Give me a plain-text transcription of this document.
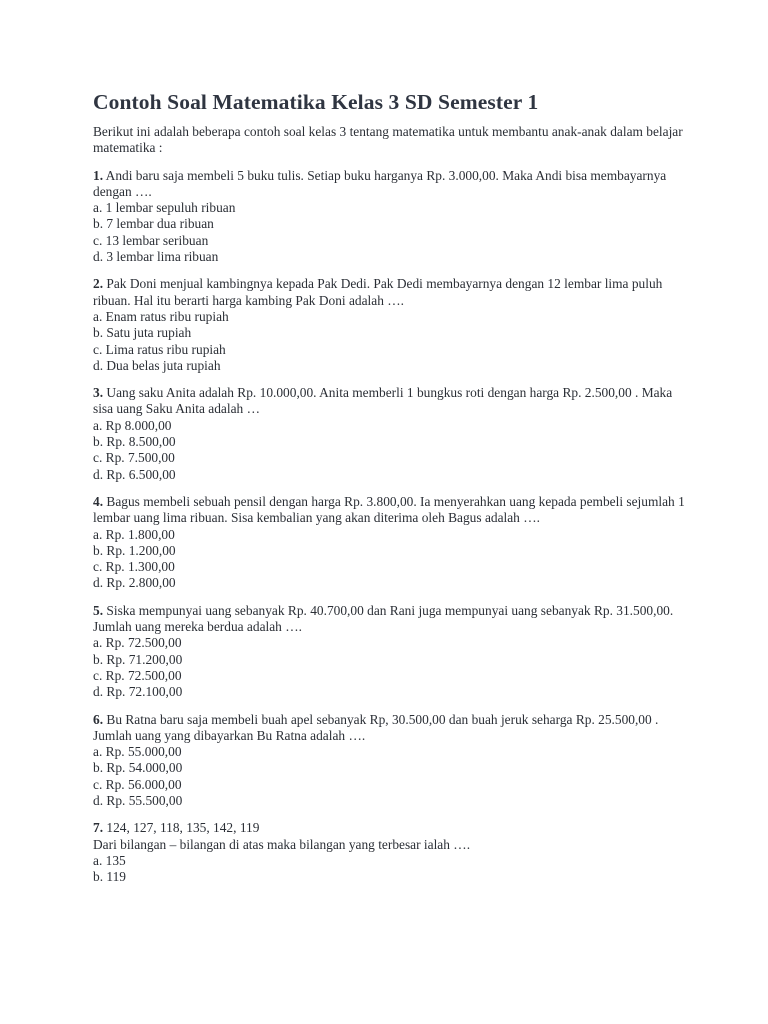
Contoh Soal Matematika Kelas 3 SD Semester 1
Berikut ini adalah beberapa contoh soal kelas 3 tentang matematika untuk membantu anak-anak dalam belajar matematika :
1. Andi baru saja membeli 5 buku tulis. Setiap buku harganya Rp. 3.000,00. Maka Andi bisa membayarnya dengan ….
a. 1 lembar sepuluh ribuan
b. 7 lembar dua ribuan
c. 13 lembar seribuan
d. 3 lembar lima ribuan
2. Pak Doni menjual kambingnya kepada Pak Dedi. Pak Dedi membayarnya dengan 12 lembar lima puluh ribuan. Hal itu berarti harga kambing Pak Doni adalah ….
a. Enam ratus ribu rupiah
b. Satu juta rupiah
c. Lima ratus ribu rupiah
d. Dua belas juta rupiah
3. Uang saku Anita adalah Rp. 10.000,00. Anita memberli 1 bungkus roti dengan harga Rp. 2.500,00 . Maka sisa uang Saku Anita adalah …
a. Rp 8.000,00
b. Rp. 8.500,00
c. Rp. 7.500,00
d. Rp. 6.500,00
4. Bagus membeli sebuah pensil dengan harga Rp. 3.800,00. Ia menyerahkan uang kepada pembeli sejumlah 1 lembar uang lima ribuan. Sisa kembalian yang akan diterima oleh Bagus adalah ….
a. Rp. 1.800,00
b. Rp. 1.200,00
c. Rp. 1.300,00
d. Rp. 2.800,00
5. Siska mempunyai uang sebanyak Rp. 40.700,00 dan Rani juga mempunyai uang sebanyak Rp. 31.500,00. Jumlah uang mereka berdua adalah ….
a. Rp. 72.500,00
b. Rp. 71.200,00
c. Rp. 72.500,00
d. Rp. 72.100,00
6. Bu Ratna baru saja membeli buah apel sebanyak Rp, 30.500,00 dan buah jeruk seharga Rp. 25.500,00 . Jumlah uang yang dibayarkan Bu Ratna adalah ….
a. Rp. 55.000,00
b. Rp. 54.000,00
c. Rp. 56.000,00
d. Rp. 55.500,00
7. 124, 127, 118, 135, 142, 119
Dari bilangan – bilangan di atas maka bilangan yang terbesar ialah ….
a. 135
b. 119
